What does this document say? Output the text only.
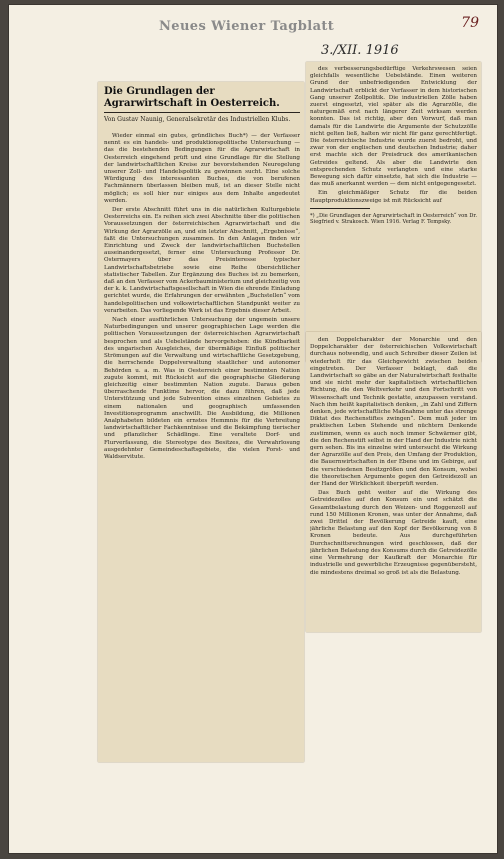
Neues Wiener Tagblatt
3./XII. 1916
79
Die Grundlagen der Agrarwirtschaft in Oesterreich.
Von Gustav Naunig, Generalsekretär des Industriellen Klubs.

Wieder einmal ein gutes, gründliches Buch*) — der Verfasser nennt es ein handels- und produktionspolitische Untersuchung — das die bestehenden Bedingungen für die Agrarwirtschaft in Oesterreich eingehend prüft und eine Grundlage für die Stellung der landwirtschaftlichen Kreise zur bevorstehenden Neuregelung unserer Zoll- und Handelspolitik zu gewinnen sucht. Eine solche Würdigung des interessanten Buches, die von berufenen Fachmännern überlassen bleiben muß, ist an dieser Stelle nicht möglich; es soll hier nur einiges aus dem Inhalte angedeutet werden.

Der erste Abschnitt führt uns in die natürlichen Kulturgebiete Oesterreichs ein. Es reihen sich zwei Abschnitte über die politischen Voraussetzungen der österreichischen Agrarwirtschaft und die Wirkung der Agrarzölle an, und ein letzter Abschnitt, „Ergebnisse“, faßt die Untersuchungen zusammen. In den Anlagen finden wir Einrichtung und Zweck der landwirtschaftlichen Buchstellen auseinandergesetzt, ferner eine Untersuchung Professor Dr. Ostermayers über das Preisinteresse typischer Landwirtschaftsbetriebe sowie eine Reihe übersichtlicher statistischer Tabellen. Zur Ergänzung des Buches ist zu bemerken, daß an den Verfasser vom Ackerbauministerium und gleichzeitig von der k. k. Landwirtschaftsgesellschaft in Wien die ehrende Einladung gerichtet wurde, die Erfahrungen der erwähnten „Buchstellen“ vom handelspolitischen und volkswirtschaftlichen Standpunkt weiter zu verarbeiten. Das vorliegende Werk ist das Ergebnis dieser Arbeit.

Nach einer ausführlichen Untersuchung der ungemein unsere Naturbedingungen und unserer geographischen Lage werden die politischen Voraussetzungen der österreichischen Agrarwirtschaft besprochen und als Uebelstände hervorgehoben: die Kündbarkeit des ungarischen Ausgleiches, der übermäßige Einfluß politischer Strömungen auf die Verwaltung und wirtschaftliche Gesetzgebung, die herrschende Doppelverwaltung staatlicher und autonomer Behörden u. a. m. Was in Oesterreich einer bestimmten Nation zugute kommt, mit Rücksicht auf die geographische Gliederung gleichzeitig einer bestimmten Nation zugute. Daraus geben überraschende Funktime hervor, die dazu führen, daß jede Unterstützung und jede Subvention eines einzelnen Gebietes zu einem nationalen und geographisch umfassenden Investitionsprogramm anschwillt. Die Ausbildung, die Millionen Analphabeten bildeten ein ernstes Hemmnis für die Verbreitung landwirtschaftlicher Fachkenntnisse und die Bekämpfung tierischer und pflanzlicher Schädlinge. Eine veraltete Dorf- und Flurverfassung, die Stereotype des Besitzes, die Verwahrlosung ausgedehnter Gemeindeschaftsgebiete, die vielen Forst- und Waldservitute.

des verbesserungsbedürftige Verkehrswesen seien gleichfalls wesentliche Uebelstände. Einen weiteren Grund der unbefriedigenden Entwicklung der Landwirtschaft erblickt der Verfasser in dem historischen Gang unserer Zollpolitik. Die industriellen Zölle haben zuerst eingesetzt, viel später als die Agrarzölle, die naturgemäß erst nach längerer Zeit wirksam werden konnten. Das ist richtig, aber den Vorwurf, daß man damals für die Landwirte die Argumente der Schutzzölle nicht gelten ließ, halten wir nicht für ganz gerechtfertigt. Die österreichische Industrie wurde zuerst bedroht, und zwar von der englischen und deutschen Industrie; daher erst machte sich der Preisdruck des amerikanischen Getreides geltend. Als aber die Landwirte den entsprechenden Schutz verlangten und eine starke Bewegung sich dafür einsetzte, hat sich die Industrie — das muß anerkannt werden — dem nicht entgegengesetzt.

Ein gleichmäßiger Schutz für die beiden Hauptproduktionszweige ist mit Rücksicht auf

*) „Die Grundlagen der Agrarwirtschaft in Oesterreich“ von Dr. Siegfried v. Strakosch. Wien 1916. Verlag F. Tempsky.

den Doppelcharakter der Monarchie und den Doppelcharakter der österreichischen Volkswirtschaft durchaus notwendig, und auch Schreiber dieser Zeilen ist wiederholt für das Gleichgewicht zwischen beiden eingetreten. Der Verfasser beklagt, daß die Landwirtschaft so gäbe an der Naturalwirtschaft festhalte und sie nicht mehr der kapitalistisch wirtschaftlichen Richtung, die den Weltverkehr und den Fortschritt von Wissenschaft und Technik gestatte, anzupassen verstand. Nach ihm heißt kapitalistisch denken, „in Zahl und Ziffern denken, jede wirtschaftliche Maßnahme unter das strenge Diktat des Rechenstiftes zwingen“. Dem muß jeder im praktischen Leben Stehende und nüchtern Denkende zustimmen, wenn es auch noch immer Schwärmer gibt, die den Rechenstift selbst in der Hand der Industrie nicht gern sehen. Bis ins einzelne wird untersucht die Wirkung der Agrarzölle auf den Preis, den Umfang der Produktion, die Bauernwirtschaften in der Ebene und im Gebirge, auf die verschiedenen Besitzgrößen und den Konsum, wobei die theoretischen Argumente gegen den Getreidezoll an der Hand der Wirklichkeit überprüft werden.

Das Buch geht weiter auf die Wirkung des Getreidezolles auf den Konsum ein und schätzt die Gesamtbelastung durch den Weizen- und Roggenzoll auf rund 150 Millionen Kronen, was unter der Annahme, daß zwei Drittel der Bevölkerung Getreide kauft, eine jährliche Belastung auf den Kopf der Bevölkerung von 8 Kronen bedeute. Aus durchgeführten Durchschnittsrechnungen wird geschlossen, daß der jährlichen Belastung des Konsums durch die Getreidezölle eine Vermehrung der Kaufkraft der Monarchie für industrielle und gewerbliche Erzeugnisse gegenübersteht, die mindestens dreimal so groß ist als die Belastung.
